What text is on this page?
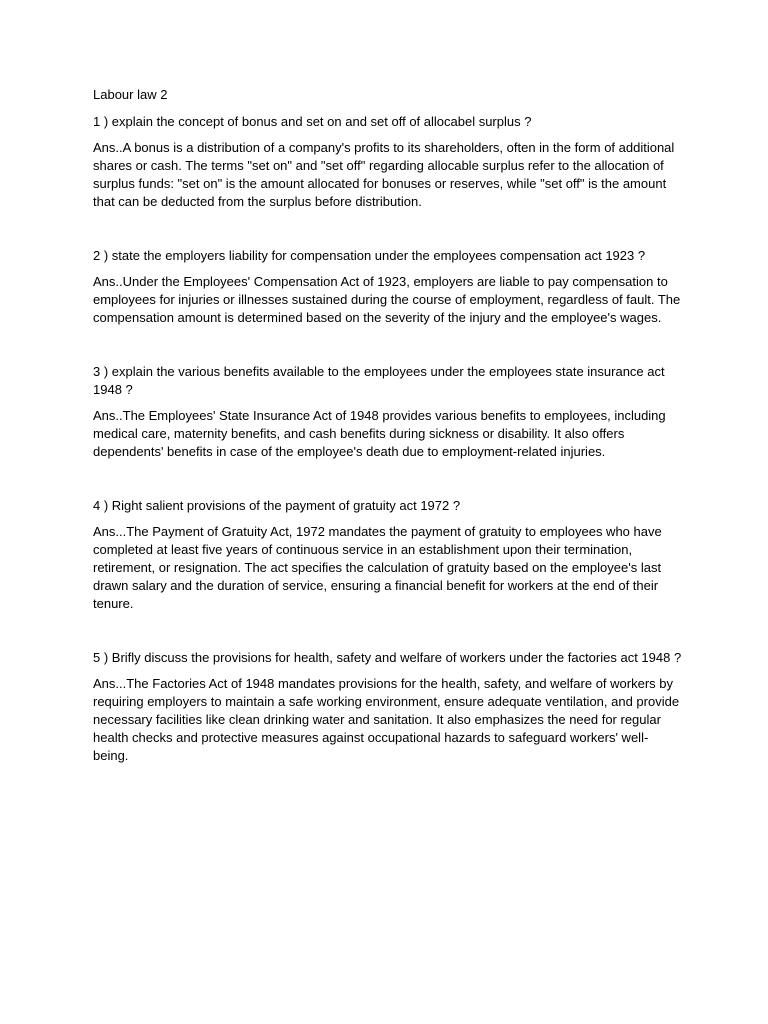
Labour law 2

1 ) explain the concept of bonus and set on and set off of allocabel surplus ?

Ans..A bonus is a distribution of a company's profits to its shareholders, often in the form of additional shares or cash. The terms "set on" and "set off" regarding allocable surplus refer to the allocation of surplus funds: "set on" is the amount allocated for bonuses or reserves, while "set off" is the amount that can be deducted from the surplus before distribution.

2 ) state the employers liability for compensation under the employees compensation act 1923 ?

Ans..Under the Employees' Compensation Act of 1923, employers are liable to pay compensation to employees for injuries or illnesses sustained during the course of employment, regardless of fault. The compensation amount is determined based on the severity of the injury and the employee's wages.

3 ) explain the various benefits available to the employees under the employees state insurance act 1948 ?

Ans..The Employees' State Insurance Act of 1948 provides various benefits to employees, including medical care, maternity benefits, and cash benefits during sickness or disability. It also offers dependents' benefits in case of the employee's death due to employment-related injuries.

4 ) Right salient provisions of the payment of gratuity act 1972 ?

Ans...The Payment of Gratuity Act, 1972 mandates the payment of gratuity to employees who have completed at least five years of continuous service in an establishment upon their termination, retirement, or resignation. The act specifies the calculation of gratuity based on the employee's last drawn salary and the duration of service, ensuring a financial benefit for workers at the end of their tenure.

5 ) Brifly discuss the provisions for health, safety and welfare of workers under the factories act 1948 ?

Ans...The Factories Act of 1948 mandates provisions for the health, safety, and welfare of workers by requiring employers to maintain a safe working environment, ensure adequate ventilation, and provide necessary facilities like clean drinking water and sanitation. It also emphasizes the need for regular health checks and protective measures against occupational hazards to safeguard workers' well-being.
